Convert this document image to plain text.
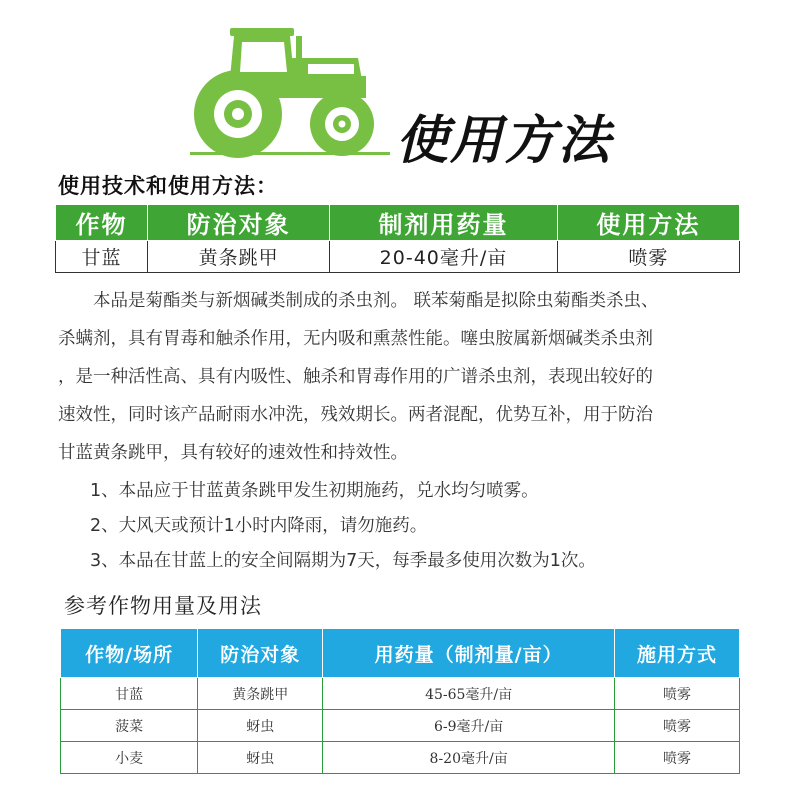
使用方法
使用技术和使用方法：
作物	防治对象	制剂用药量	使用方法
甘蓝	黄条跳甲	20-40毫升/亩	喷雾

本品是菊酯类与新烟碱类制成的杀虫剂。 联苯菊酯是拟除虫菊酯类杀虫、

杀螨剂，具有胃毒和触杀作用，无内吸和熏蒸性能。噻虫胺属新烟碱类杀虫剂

，是一种活性高、具有内吸性、触杀和胃毒作用的广谱杀虫剂，表现出较好的

速效性，同时该产品耐雨水冲洗，残效期长。两者混配，优势互补，用于防治

甘蓝黄条跳甲，具有较好的速效性和持效性。

1、本品应于甘蓝黄条跳甲发生初期施药，兑水均匀喷雾。

2、大风天或预计1小时内降雨，请勿施药。

3、本品在甘蓝上的安全间隔期为7天，每季最多使用次数为1次。

参考作物用量及用法
作物/场所	防治对象	用药量（制剂量/亩）	施用方式
甘蓝	黄条跳甲	45-65毫升/亩	喷雾
菠菜	蚜虫	6-9毫升/亩	喷雾
小麦	蚜虫	8-20毫升/亩	喷雾
